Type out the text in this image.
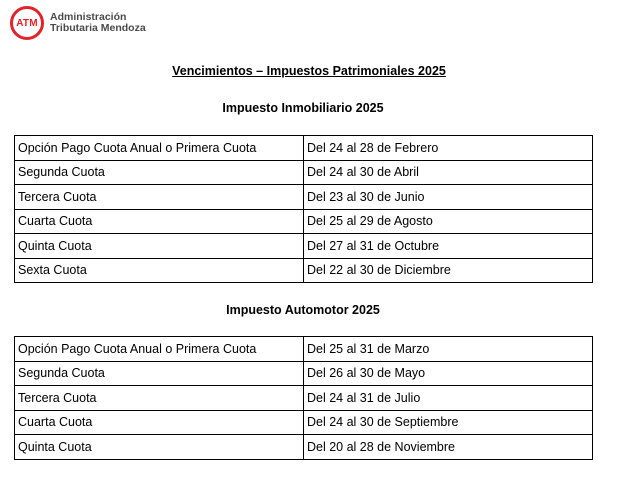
ATM Administración
Tributaria Mendoza
Vencimientos – Impuestos Patrimoniales 2025
Impuesto Inmobiliario 2025
Opción Pago Cuota Anual o Primera Cuota	Del 24 al 28 de Febrero
Segunda Cuota	Del 24 al 30 de Abril
Tercera Cuota	Del 23 al 30 de Junio
Cuarta Cuota	Del 25 al 29 de Agosto
Quinta Cuota	Del 27 al 31 de Octubre
Sexta Cuota	Del 22 al 30 de Diciembre
Impuesto Automotor 2025
Opción Pago Cuota Anual o Primera Cuota	Del 25 al 31 de Marzo
Segunda Cuota	Del 26 al 30 de Mayo
Tercera Cuota	Del 24 al 31 de Julio
Cuarta Cuota	Del 24 al 30 de Septiembre
Quinta Cuota	Del 20 al 28 de Noviembre
